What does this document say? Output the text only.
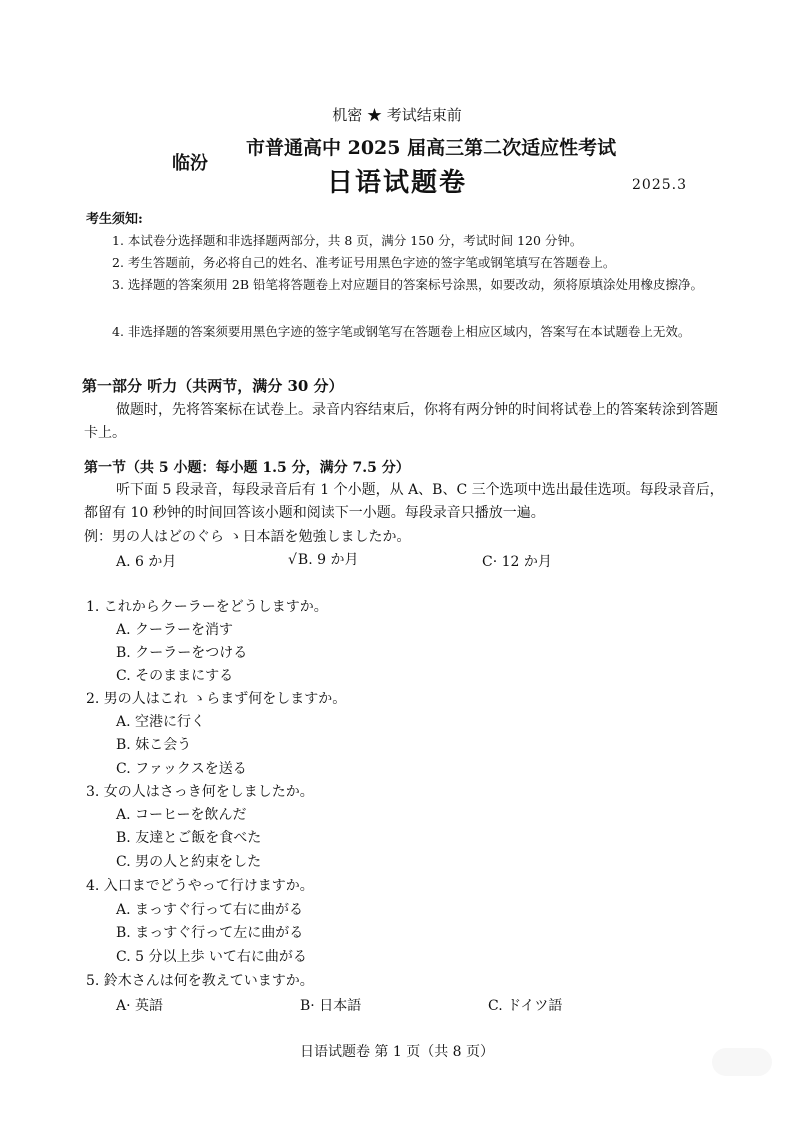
机密 ★ 考试结束前
临汾
市普通高中 2025 届高三第二次适应性考试
日语试题卷	2025.3
考生须知:
1. 本试卷分选择题和非选择题两部分，共 8 页，满分 150 分，考试时间 120 分钟。
2. 考生答题前，务必将自己的姓名、准考证号用黑色字迹的签字笔或钢笔填写在答题卷上。
3. 选择题的答案须用 2B 铅笔将答题卷上对应题目的答案标号涂黑，如要改动，须将原填涂处用橡皮擦净。
4. 非选择题的答案须要用黑色字迹的签字笔或钢笔写在答题卷上相应区域内，答案写在本试题卷上无效。
第一部分 听力（共两节，满分 30 分）
做题时，先将答案标在试卷上。录音内容结束后，你将有两分钟的时间将试卷上的答案转涂到答题卡上。
第一节（共 5 小题：每小题 1.5 分，满分 7.5 分）
听下面 5 段录音，每段录音后有 1 个小题，从 A、B、C 三个选项中选出最佳选项。每段录音后，都留有 10 秒钟的时间回答该小题和阅读下一小题。每段录音只播放一遍。
例：男の人はどのぐら ゝ日本語を勉強しましたか。
A. 6 か月	√B. 9 か月	C· 12 か月
1. これからクーラーをどうしますか。
A. クーラーを消す
B. クーラーをつける
C. そのままにする
2. 男の人はこれ ゝらまず何をしますか。
A. 空港に行く
B. 妹こ会う
C. ファックスを送る
3. 女の人はさっき何をしましたか。
A. コーヒーを飲んだ
B. 友達とご飯を食べた
C. 男の人と約束をした
4. 入口までどうやって行けますか。
A. まっすぐ行って右に曲がる
B. まっすぐ行って左に曲がる
C. 5 分以上歩 いて右に曲がる
5. 鈴木さんは何を教えていますか。
A· 英語	B· 日本語	C. ドイツ語
日语试题卷 第 1 页（共 8 页）
